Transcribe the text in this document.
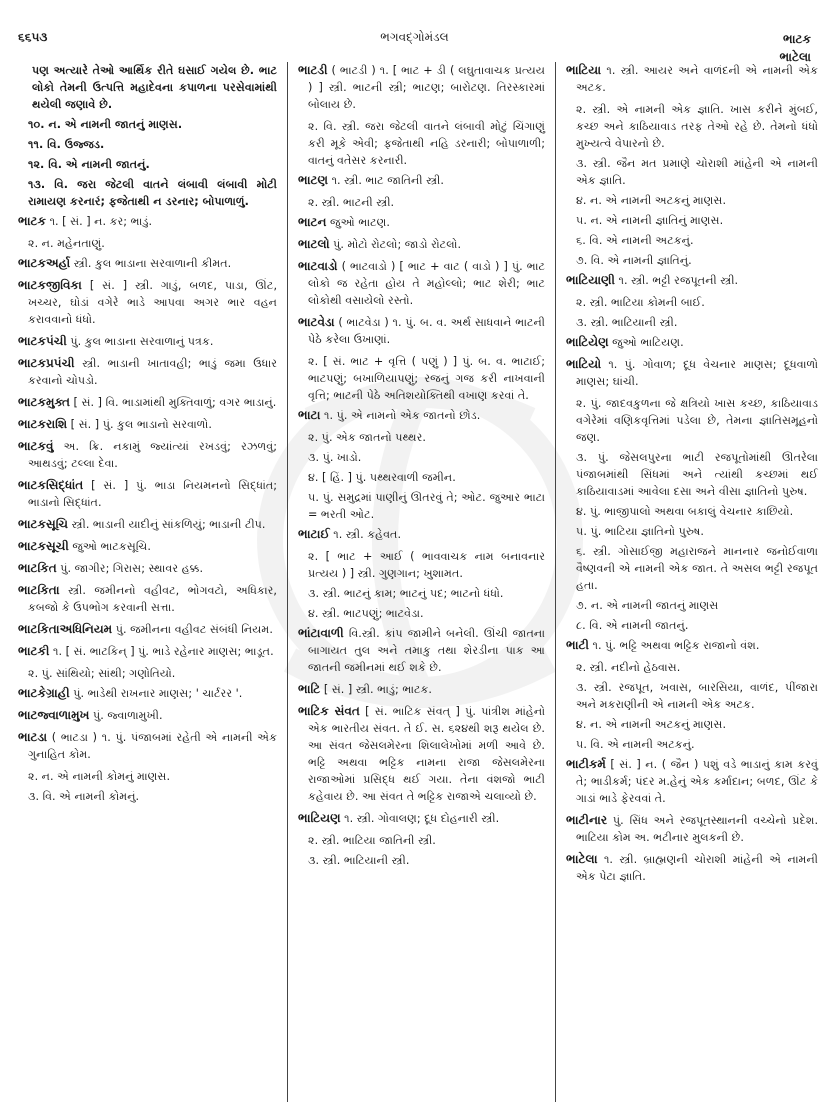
૬૬૫૩	ભગવદ્ગોમંડલ	ભાટક
ભાટેલા
પણ અત્યારે તેઓ આર્થિક રીતે ઘસાઈ ગયેલ છે. ભાટ લોકો તેમની ઉત્પત્તિ મહાદેવના કપાળના પરસેવામાંથી થયેલી જણાવે છે.
૧૦. ન. એ નામની જાતનું માણસ.
૧૧. વિ. ઉજ્જડ.
૧૨. વિ. એ નામની જાતનું.
૧૩. વિ. જરા જેટલી વાતને લંબાવી લંબાવી મોટી રામાયણ કરનારં; ફજેતાથી ન ડરનાર; બોપાળાળું.
ભાટક ૧. [ સં. ] ન. કર; ભાડું.
૨. ન. મહેનતાણું.
ભાટકઅર્હા સ્ત્રી. કુલ ભાડાના સરવાળાની કીમત.
ભાટકજીવિકા [ સં. ] સ્ત્રી. ગાડું, બળદ, પાડા, ઊંટ, ખચ્ચર, ઘોડાં વગેરે ભાડે આપવા અગર ભાર વહન કરાવવાનો ધંધો.
ભાટકપંચી પું. કુલ ભાડાના સરવાળાનું પત્રક.
ભાટકપ્રપંચી સ્ત્રી. ભાડાની ખાતાવહી; ભાડું જમા ઉધાર કરવાનો ચોપડો.
ભાટકમુક્ત [ સં. ] વિ. ભાડામાંથી મુક્તિવાળું; વગર ભાડાનું.
ભાટકરાશિ [ સં. ] પું. કુલ ભાડાનો સરવાળો.
ભાટકવું અ. ક્રિ. નકામું જ્યાંત્યાં રખડવું; રઝળવું; આથડવું; ટલ્લા દેવા.
ભાટકસિદ્ધાંત [ સં. ] પું. ભાડા નિયમનનો સિદ્ધાંત; ભાડાનો સિદ્ધાંત.
ભાટકસૂચિ સ્ત્રી. ભાડાની યાદીનું સાંકળિયું; ભાડાની ટીપ.
ભાટકસૂચી જુઓ ભાટકસૂચિ.
ભાટકિત પું. જાગીર; ગિરાસ; સ્થાવર હક્ક.
ભાટકિતા સ્ત્રી. જમીનનો વહીવટ, ભોગવટો, અધિકાર, કબજો કે ઉપભોગ કરવાની સત્તા.
ભાટકિતાઅધિનિયમ પું. જમીનના વહીવટ સંબંધી નિયમ.
ભાટકી ૧. [ સં. ભાટકિન્ ] પું. ભાડે રહેનાર માણસ; ભાડૂત.
૨. પું. સાંથિયો; સાંથી; ગણોતિયો.
ભાટકેગ્રાહી પું. ભાડેથી રાખનાર માણસ; ' ચાર્ટરર '.
ભાટજ્વાળામુખ પું. જ્વાળામુખી.
ભાટડા ( ભાટડા ) ૧. પું. પંજાબમાં રહેતી એ નામની એક ગુનાહિત કોમ.
૨. ન. એ નામની કોમનું માણસ.
૩. વિ. એ નામની કોમનું.
ભાટડી ( ભાટડી ) ૧. [ ભાટ + ડી ( લઘુતાવાચક પ્રત્યય ) ] સ્ત્રી. ભાટની સ્ત્રી; ભાટણ; બારોટણ. તિરસ્કારમાં બોલાય છે.
૨. વિ. સ્ત્રી. જરા જેટલી વાતને લંબાવી મોટું ચિંગાણું કરી મૂકે એવી; ફજેતાથી નહિ ડરનારી; બોપાળાળી; વાતનું વતેસર કરનારી.
ભાટણ ૧. સ્ત્રી. ભાટ જાતિની સ્ત્રી.
૨. સ્ત્રી. ભાટની સ્ત્રી.
ભાટન જુઓ ભાટણ.
ભાટલો પું. મોટો રોટલો; જાડો રોટલો.
ભાટવાડો ( ભાટવાડો ) [ ભાટ + વાટ ( વાડો ) ] પું. ભાટ લોકો જ રહેતા હોય તે મહોલ્લો; ભાટ શેરી; ભાટ લોકોથી વસાયેલો રસ્તો.
ભાટવેડા ( ભાટવેડા ) ૧. પું. બ. વ. અર્થ સાધવાને ભાટની પેઠે કરેલા ઉખાણાં.
૨. [ સં. ભાટ + વૃત્તિ ( પણું ) ] પું. બ. વ. ભાટાઈ; ભાટપણું; બખાળિયાપણું; રજનું ગજ કરી નાખવાની વૃત્તિ; ભાટની પેઠે અતિશયોક્તિથી વખાણ કરવાં તે.
ભાટા ૧. પું. એ નામનો એક જાતનો છોડ.
૨. પું. એક જાતનો પથ્થર.
૩. પું. ખાડો.
૪. [ હિં. ] પું. પથ્થરવાળી જમીન.
૫. પું. સમુદ્રમાં પાણીનું ઊતરવું તે; ઓટ. જુઆર ભાટા = ભરતી ઓટ.
ભાટાઈ ૧. સ્ત્રી. કહેવત.
૨. [ ભાટ + આઈ ( ભાવવાચક નામ બનાવનાર પ્રત્યય ) ] સ્ત્રી. ગુણગાન; ખુશામત.
૩. સ્ત્રી. ભાટનું કામ; ભાટનું પદ; ભાટનો ધંધો.
૪. સ્ત્રી. ભાટપણું; ભાટવેડા.
ભાંટાવાળી વિ.સ્ત્રી. કાંપ જામીને બનેલી. ઊંચી જાતના બાગાયત તુલ અને તમાકુ તથા શેરડીના પાક આ જાતની જમીનમાં થઈ શકે છે.
ભાટિ [ સં. ] સ્ત્રી. ભાડું; ભાટક.
ભાટિક સંવત [ સં. ભાટિક સંવત્ ] પું. પાંત્રીશ માંહેનો એક ભારતીય સંવત. તે ઈ. સ. ૬૨૪થી શરૂ થયેલ છે. આ સંવત જેસલમેરના શિલાલેખોમાં મળી આવે છે. ભટ્ટિ અથવા ભટ્ટિક નામના રાજા જેસલમેરના રાજાઓમાં પ્રસિદ્ધ થઈ ગયા. તેના વંશજો ભાટી કહેવાય છે. આ સંવત તે ભટ્ટિક રાજાએ ચલાવ્યો છે.
ભાટિયણ ૧. સ્ત્રી. ગોવાલણ; દૂધ દોહનારી સ્ત્રી.
૨. સ્ત્રી. ભાટિયા જાતિની સ્ત્રી.
૩. સ્ત્રી. ભાટિયાની સ્ત્રી.
ભાટિયા ૧. સ્ત્રી. આયર અને વાળંદની એ નામની એક અટક.
૨. સ્ત્રી. એ નામની એક જ્ઞાતિ. ખાસ કરીને મુંબઈ, કચ્છ અને કાઠિયાવાડ તરફ તેઓ રહે છે. તેમનો ધંધો મુખ્યત્વે વેપારનો છે.
૩. સ્ત્રી. જૈન મત પ્રમાણે ચોરાશી માંહેની એ નામની એક જ્ઞાતિ.
૪. ન. એ નામની અટકનું માણસ.
૫. ન. એ નામની જ્ઞાતિનું માણસ.
૬. વિ. એ નામની અટકનું.
૭. વિ. એ નામની જ્ઞાતિનું.
ભાટિયાણી ૧. સ્ત્રી. ભટ્ટી રજપૂતની સ્ત્રી.
૨. સ્ત્રી. ભાટિયા કોમની બાઈ.
૩. સ્ત્રી. ભાટિયાની સ્ત્રી.
ભાટિયેણ જુઓ ભાટિયણ.
ભાટિયો ૧. પું. ગોવાળ; દૂધ વેચનાર માણસ; દૂધવાળો માણસ; ઘાંચી.
૨. પું. જાદવકુળના જે ક્ષત્રિયો ખાસ કચ્છ, કાઠિયાવાડ વગેરેમાં વણિકવૃત્તિમાં પડેલા છે, તેમના જ્ઞાતિસમૂહનો જણ.
૩. પું. જેસલપુરના ભાટી રજપૂતોમાંથી ઊતરેલા પંજાબમાંથી સિંધમાં અને ત્યાંથી કચ્છમાં થઈ કાઠિયાવાડમાં આવેલા દસા અને વીસા જ્ઞાતિનો પુરુષ.
૪. પું. ભાજીપાલો અથવા બકાલું વેચનાર કાછિયો.
૫. પું. ભાટિયા જ્ઞાતિનો પુરુષ.
૬. સ્ત્રી. ગોસાઈજી મહારાજને માનનાર જનોઈવાળા વૈષ્ણવની એ નામની એક જાત. તે અસલ ભટ્ટી રજપૂત હતા.
૭. ન. એ નામની જાતનું માણસ
૮. વિ. એ નામની જાતનું.
ભાટી ૧. પું. ભટ્ટિ અથવા ભટ્ટિક રાજાનો વંશ.
૨. સ્ત્રી. નદીનો હેઠવાસ.
૩. સ્ત્રી. રજપૂત, ખવાસ, બારસિયા, વાળંદ, પીંજારા અને મકરાણીની એ નામની એક અટક.
૪. ન. એ નામની અટકનું માણસ.
૫. વિ. એ નામની અટકનું.
ભાટીકર્મ [ સં. ] ન. ( જૈન ) પશું વડે ભાડાનું કામ કરવું તે; ભાડીકર્મ; પંદર મ.હેનું એક કર્માદાન; બળદ, ઊંટ કે ગાડાં ભાડે ફેરવવાં તે.
ભાટીનાર પું. સિંધ અને રજપૂતસ્થાનની વચ્ચેનો પ્રદેશ. ભાટિયા કોમ અ. ભટીનાર મુલકની છે.
ભાટેલા ૧. સ્ત્રી. બ્રાહ્મણની ચોરાશી માંહેની એ નામની એક પેટા જ્ઞાતિ.
